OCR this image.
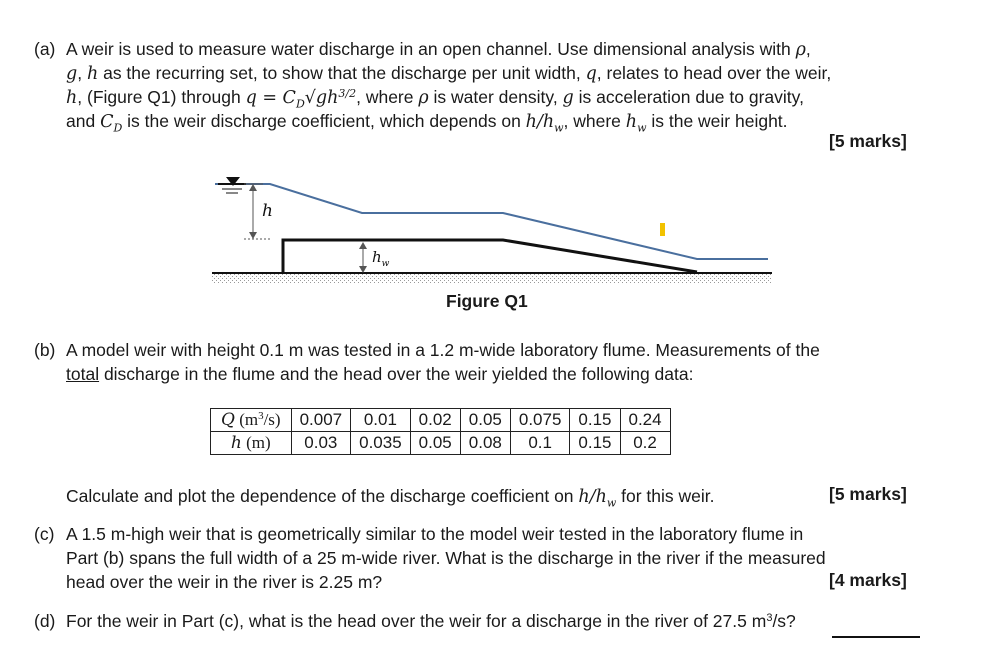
(a) A weir is used to measure water discharge in an open channel. Use dimensional analysis with ρ,
g, h as the recurring set, to show that the discharge per unit width, q, relates to head over the weir,
h, (Figure Q1) through $q = C_D√gh^{3/2}$, where ρ is water density, g is acceleration due to gravity,
and $C_D$ is the weir discharge coefficient, which depends on $h/h_w$, where $h_w$ is the weir height.
[5 marks]
h
$h_w$
Figure Q1
(b) A model weir with height 0.1 m was tested in a 1.2 m-wide laboratory flume. Measurements of the
total discharge in the flume and the head over the weir yielded the following data:
Q $(m^3/s)$	0.007	0.01	0.02	0.05	0.075	0.15	0.24
h (m)	0.03	0.035	0.05	0.08	0.1	0.15	0.2
Calculate and plot the dependence of the discharge coefficient on $h/h_w$ for this weir.	[5 marks]
(c) A 1.5 m-high weir that is geometrically similar to the model weir tested in the laboratory flume in
Part (b) spans the full width of a 25 m-wide river. What is the discharge in the river if the measured
head over the weir in the river is 2.25 m?	[4 marks]
(d) For the weir in Part (c), what is the head over the weir for a discharge in the river of 27.5 $m^3/s$?
